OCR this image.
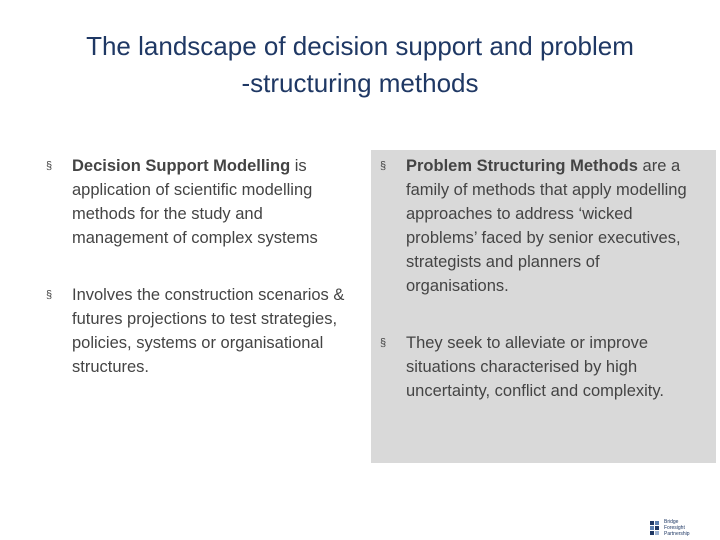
The landscape of decision support and problem
-structuring methods
§ Decision Support Modelling is application of scientific modelling methods for the study and management of complex systems
§ Involves the construction scenarios & futures projections to test strategies, policies, systems or organisational structures.
§ Problem Structuring Methods are a family of methods that apply modelling approaches to address ‘wicked problems’ faced by senior executives, strategists and planners of organisations.
§ They seek to alleviate or improve situations characterised by high uncertainty, conflict and complexity.
Bridge
Foresight
Partnership
